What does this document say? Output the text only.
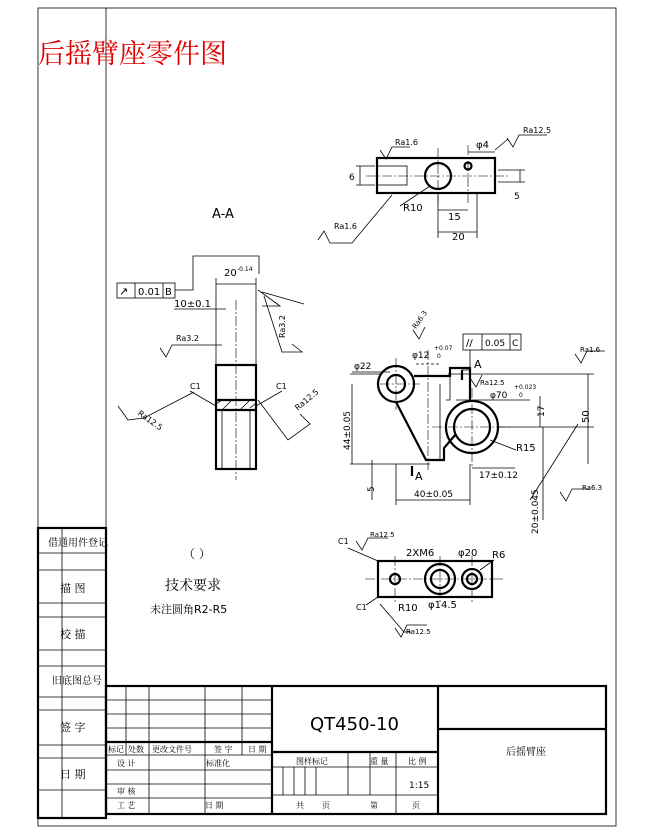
后摇臂座零件图
借通用件登记
描 图
校 描
旧底图总号
签 字
日 期
6
5
15
20
R10
φ4
Ra1.6
Ra12.5
Ra1.6
A-A
20 -0.14
10±0.1
↗ 0.01 B
Ra3.2
Ra3.2
C1	C1
Ra12.5
Ra12.5
φ22
φ12
+0.07
0
Ra6.3
// 0.05 C
A
Ra12.5
φ70
+0.023
0
Ra1.6
17	50
44±0.05	R15
17±0.12
5
A
40±0.05	20±0.045
Ra6.3
C1
Ra12.5
2XM6 φ20 R6
C1	R10 φ14.5
Ra12.5
（ ）
技术要求
未注圆角R2-R5
标记 处数 更改文件号	签 字 日 期
设 计	标准化
审 核
工 艺	日 期
QT450-10
图样标记	重 量 比 例
1:15
共 页	第	页
后摇臂座
